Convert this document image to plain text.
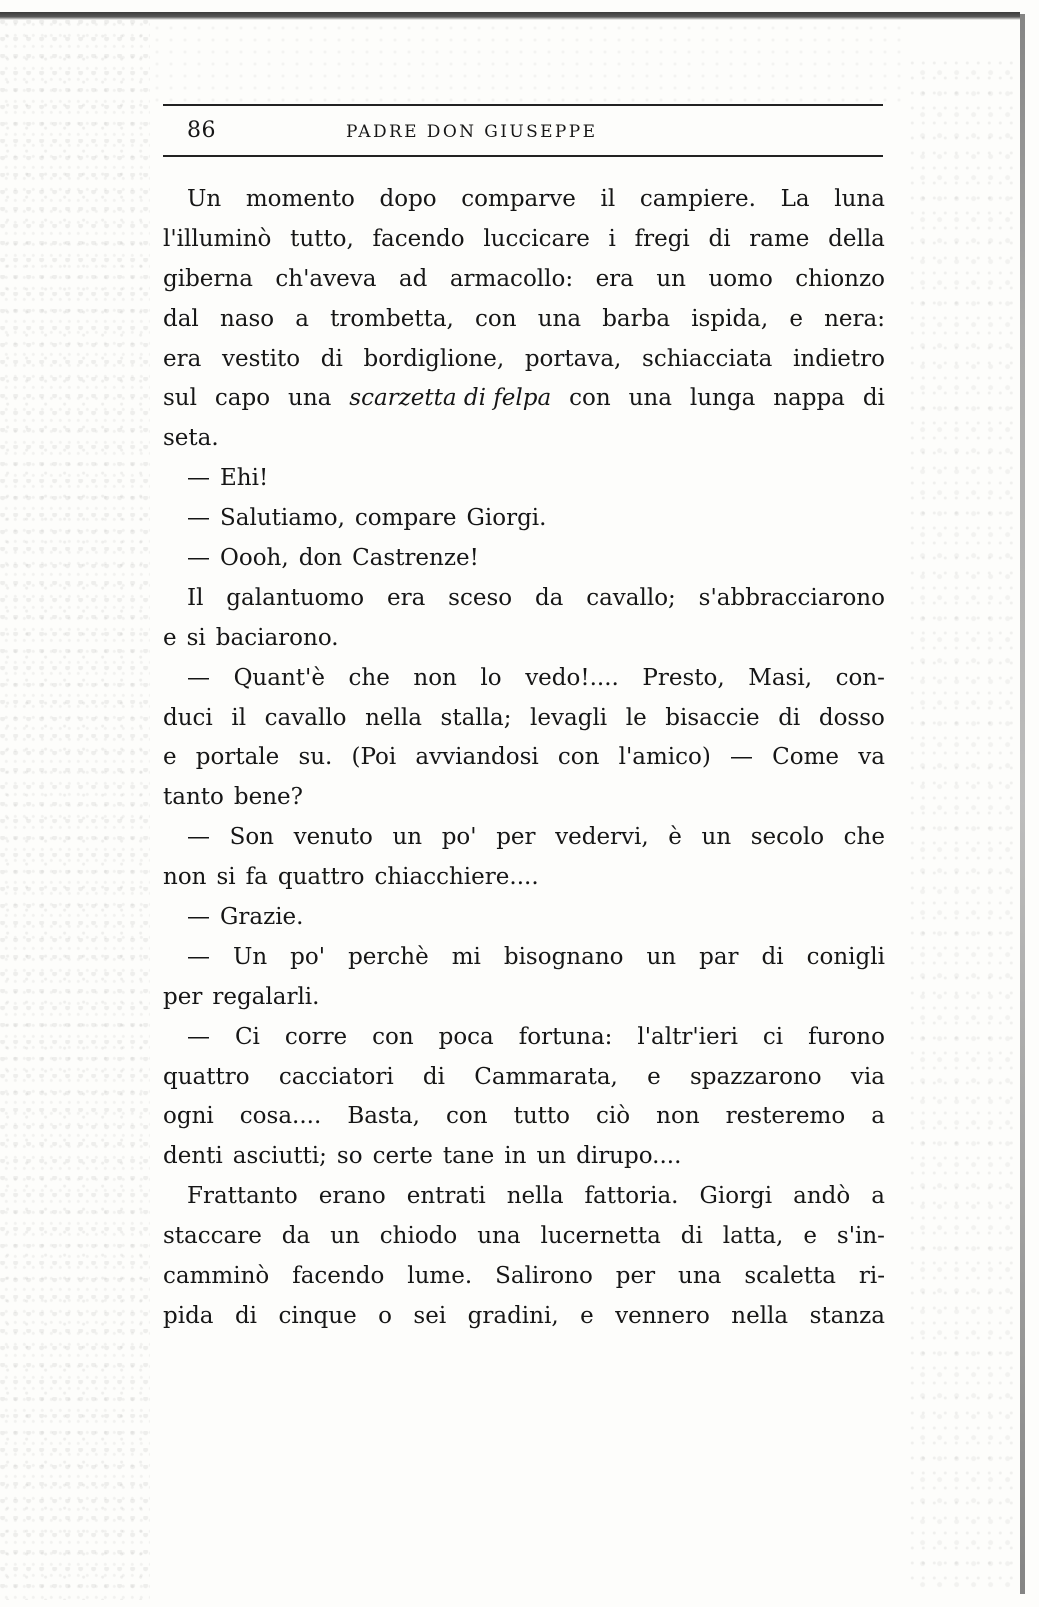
86	PADRE DON GIUSEPPE
Un momento dopo comparve il campiere. La luna
l'illuminò tutto, facendo luccicare i fregi di rame della
giberna ch'aveva ad armacollo: era un uomo chionzo
dal naso a trombetta, con una barba ispida, e nera:
era vestito di bordiglione, portava, schiacciata indietro
sul capo una scarzetta di felpa con una lunga nappa di
seta.
— Ehi!
— Salutiamo, compare Giorgi.
— Oooh, don Castrenze!
Il galantuomo era sceso da cavallo; s'abbracciarono
e si baciarono.
— Quant'è che non lo vedo!.... Presto, Masi, con-
duci il cavallo nella stalla; levagli le bisaccie di dosso
e portale su. (Poi avviandosi con l'amico) — Come va
tanto bene?
— Son venuto un po' per vedervi, è un secolo che
non si fa quattro chiacchiere....
— Grazie.
— Un po' perchè mi bisognano un par di conigli
per regalarli.
— Ci corre con poca fortuna: l'altr'ieri ci furono
quattro cacciatori di Cammarata, e spazzarono via
ogni cosa.... Basta, con tutto ciò non resteremo a
denti asciutti; so certe tane in un dirupo....
Frattanto erano entrati nella fattoria. Giorgi andò a
staccare da un chiodo una lucernetta di latta, e s'in-
camminò facendo lume. Salirono per una scaletta ri-
pida di cinque o sei gradini, e vennero nella stanza
